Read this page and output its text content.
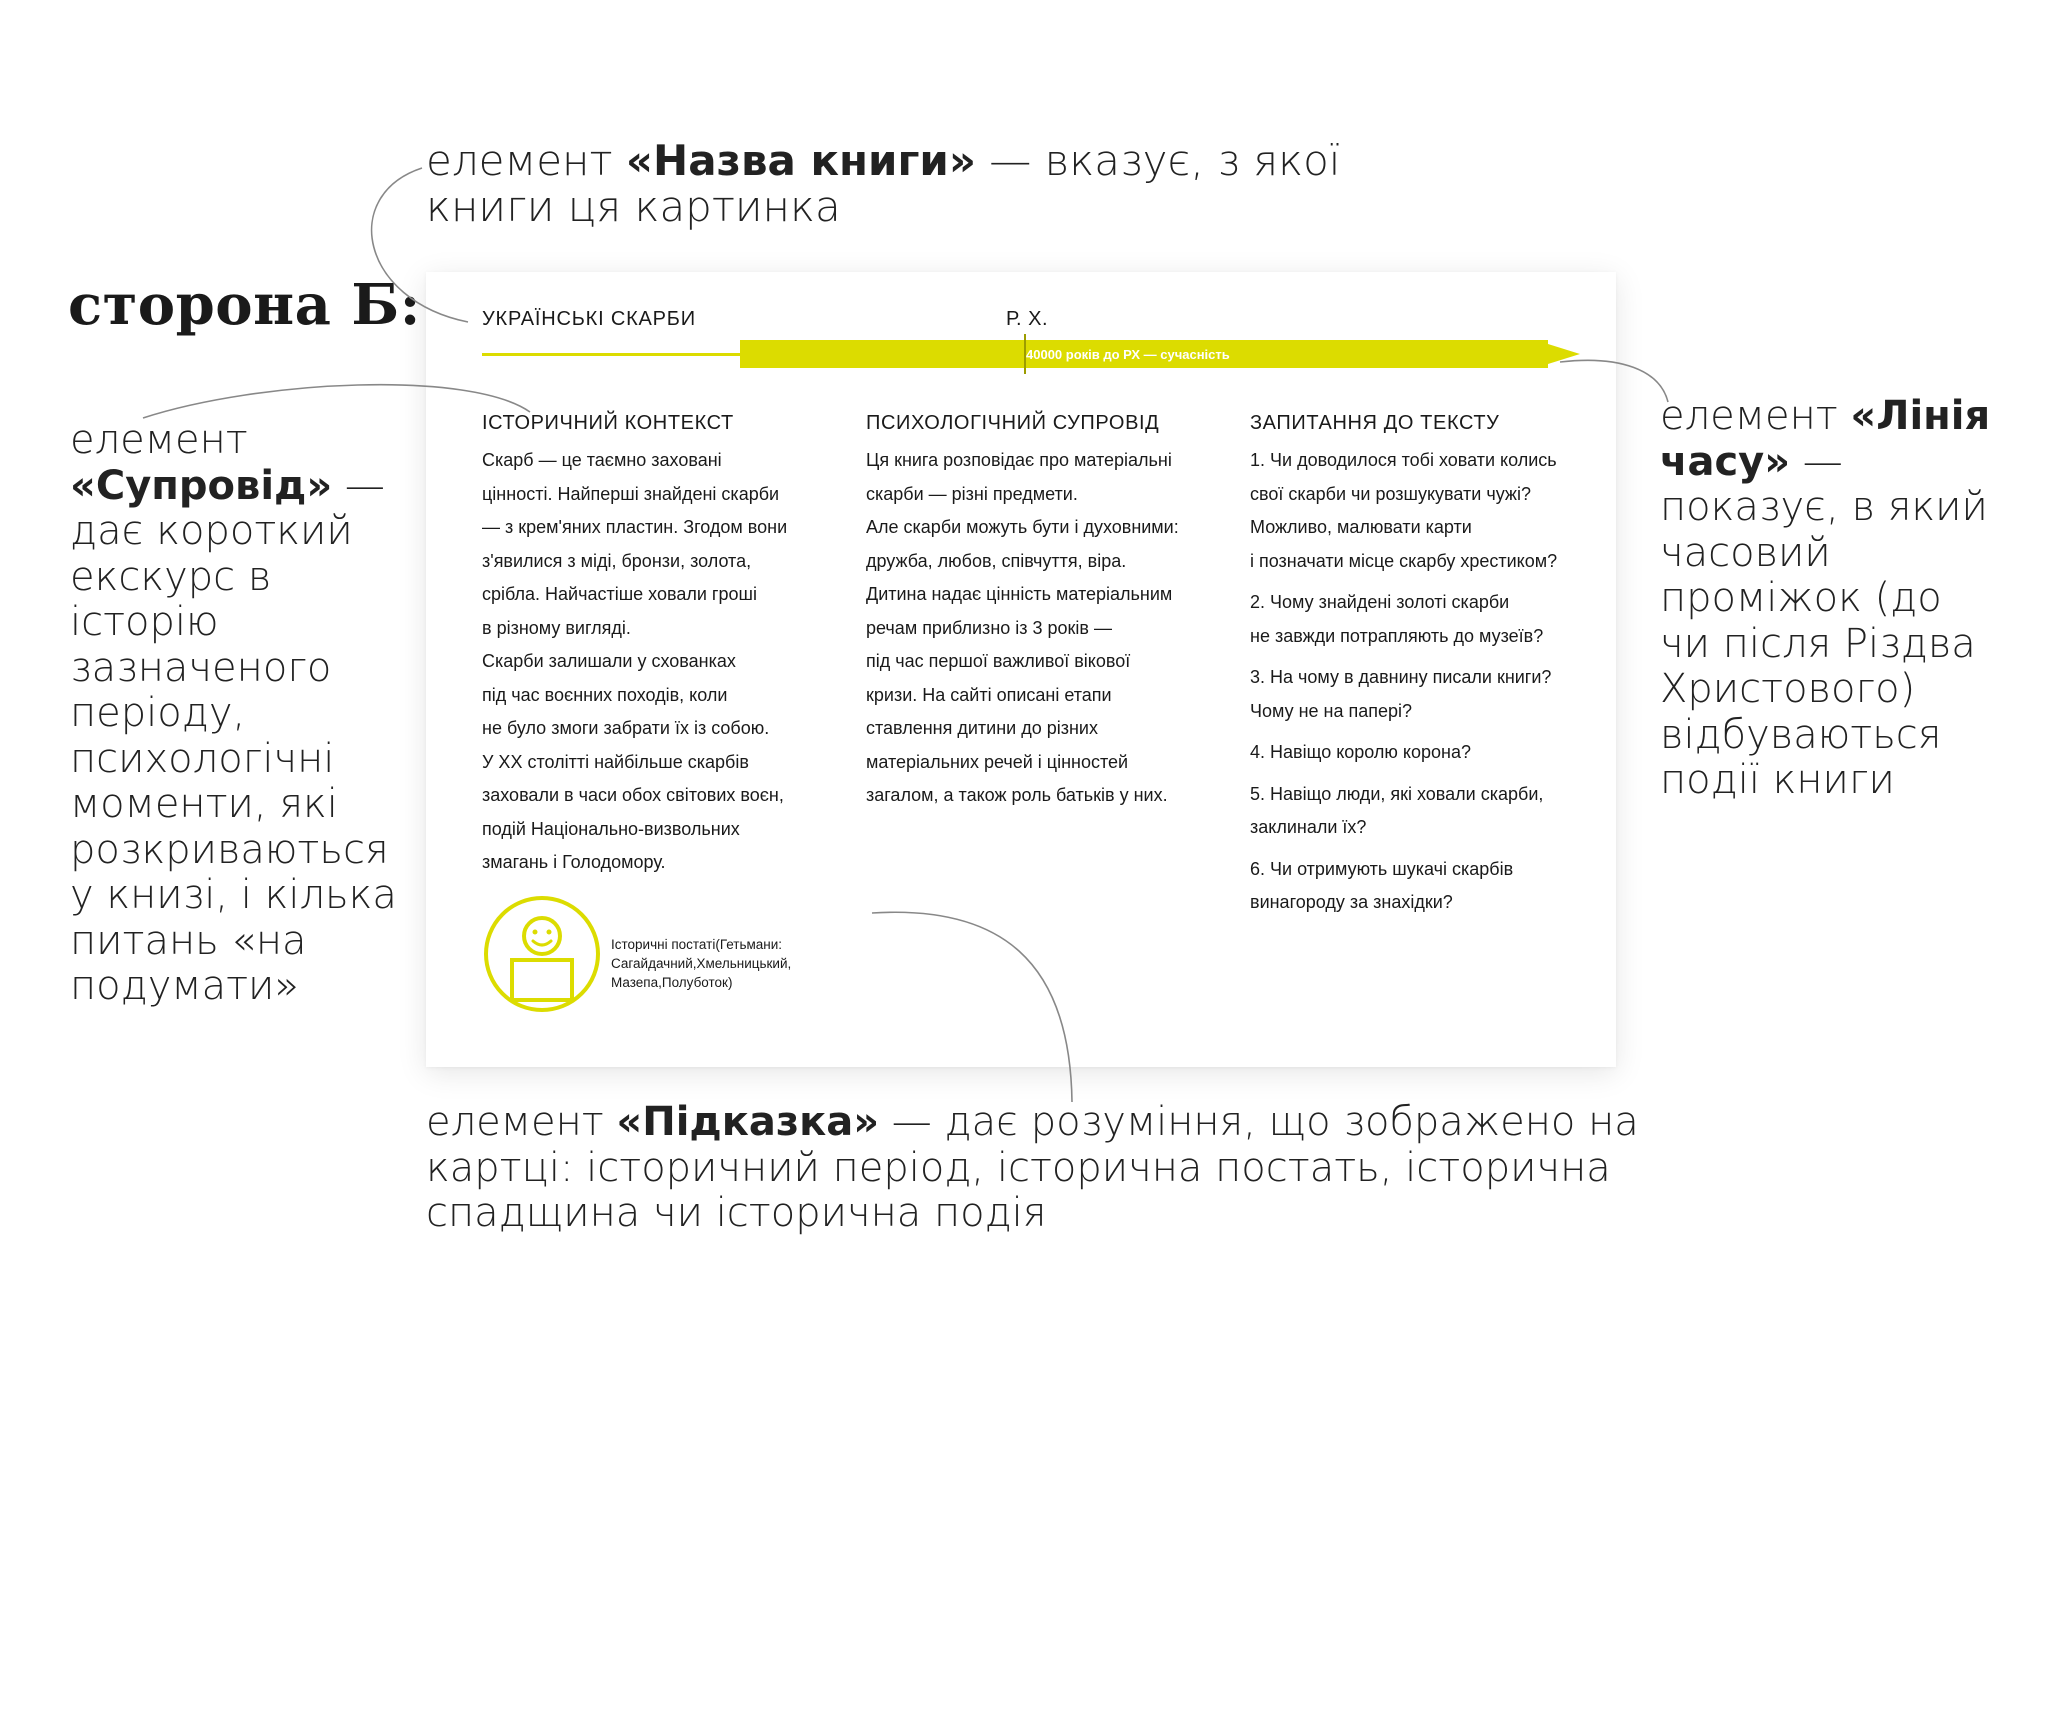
сторона Б:
елемент «Назва книги» — вказує, з якої книги ця картинка
елемент «Супровід» — дає короткий екскурс в історію зазначеного періоду, психологічні моменти, які розкриваються у книзі, і кілька питань «на подумати»
елемент «Лінія часу» — показує, в який часовий проміжок (до чи після Різдва Христового) відбуваються події книги
елемент «Підказка» — дає розуміння, що зображено на картці: історичний період, історична постать, історична спадщина чи історична подія
УКРАЇНСЬКІ СКАРБИ	Р. Х.
40000 років до РХ — сучасність
ІСТОРИЧНИЙ КОНТЕКСТ
Скарб — це таємно заховані
цінності. Найперші знайдені скарби
— з крем'яних пластин. Згодом вони
з'явилися з міді, бронзи, золота,
срібла. Найчастіше ховали гроші
в різному вигляді.
Скарби залишали у схованках
під час воєнних походів, коли
не було змоги забрати їх із собою.
У ХХ столітті найбільше скарбів
заховали в часи обох світових воєн,
подій Національно-визвольних
змагань і Голодомору.
ПСИХОЛОГІЧНИЙ СУПРОВІД
Ця книга розповідає про матеріальні
скарби — різні предмети.
Але скарби можуть бути і духовними:
дружба, любов, співчуття, віра.
Дитина надає цінність матеріальним
речам приблизно із 3 років —
під час першої важливої вікової
кризи. На сайті описані етапи
ставлення дитини до різних
матеріальних речей і цінностей
загалом, а також роль батьків у них.
ЗАПИТАННЯ ДО ТЕКСТУ
1. Чи доводилося тобі ховати колись
свої скарби чи розшукувати чужі?
Можливо, малювати карти
і позначати місце скарбу хрестиком?
2. Чому знайдені золоті скарби
не завжди потрапляють до музеїв?
3. На чому в давнину писали книги?
Чому не на папері?
4. Навіщо королю корона?
5. Навіщо люди, які ховали скарби,
заклинали їх?
6. Чи отримують шукачі скарбів
винагороду за знахідки?
Історичні постаті(Гетьмани: Сагайдачний,Хмельницький, Мазепа,Полуботок)
